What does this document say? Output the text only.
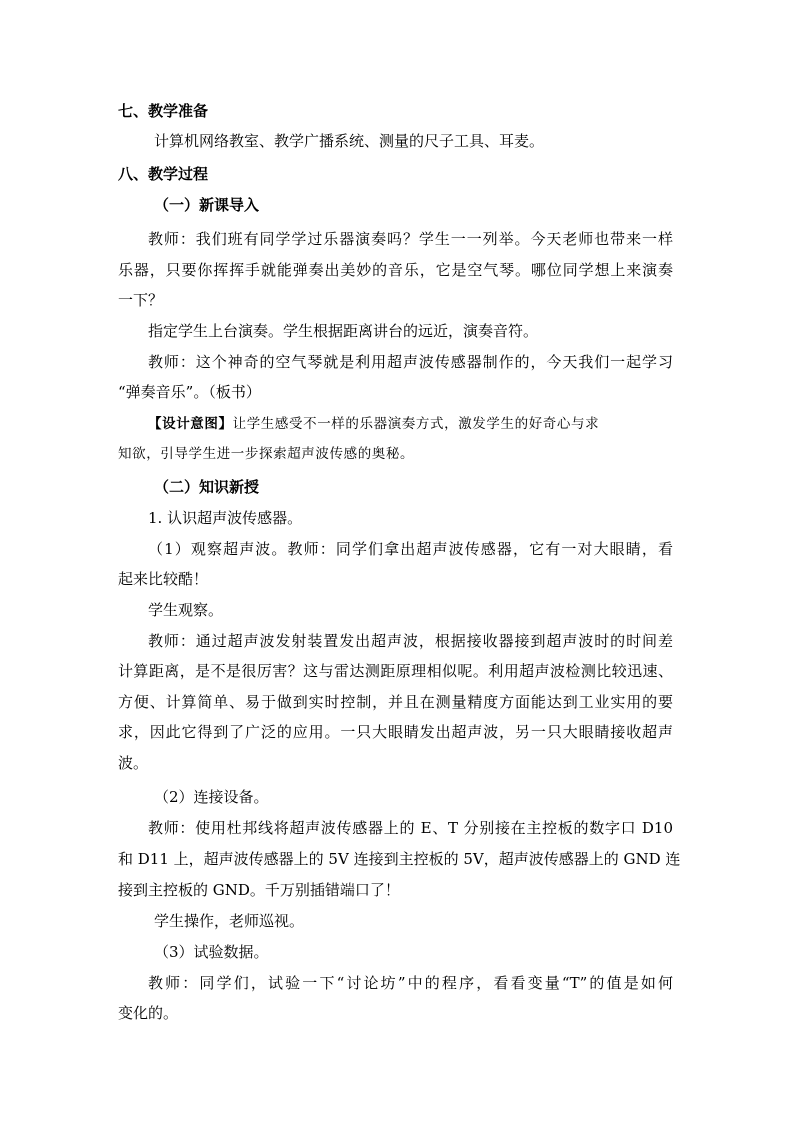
七、教学准备
计算机网络教室、教学广播系统、测量的尺子工具、耳麦。
八、教学过程
（一）新课导入
教师：我们班有同学学过乐器演奏吗？学生一一列举。今天老师也带来一样
乐器，只要你挥挥手就能弹奏出美妙的音乐，它是空气琴。哪位同学想上来演奏
一下？
指定学生上台演奏。学生根据距离讲台的远近，演奏音符。
教师：这个神奇的空气琴就是利用超声波传感器制作的，今天我们一起学习
“弹奏音乐”。（板书）
【设计意图】让学生感受不一样的乐器演奏方式，激发学生的好奇心与求
知欲，引导学生进一步探索超声波传感的奥秘。
（二）知识新授
1. 认识超声波传感器。
（1）观察超声波。教师：同学们拿出超声波传感器，它有一对大眼睛，看
起来比较酷！
学生观察。
教师：通过超声波发射装置发出超声波，根据接收器接到超声波时的时间差
计算距离，是不是很厉害？这与雷达测距原理相似呢。利用超声波检测比较迅速、
方便、计算简单、易于做到实时控制，并且在测量精度方面能达到工业实用的要
求，因此它得到了广泛的应用。一只大眼睛发出超声波，另一只大眼睛接收超声
波。
（2）连接设备。
教师：使用杜邦线将超声波传感器上的 E、T 分别接在主控板的数字口 D10
和 D11 上，超声波传感器上的 5V 连接到主控板的 5V，超声波传感器上的 GND 连
接到主控板的 GND。千万别插错端口了！
学生操作，老师巡视。
（3）试验数据。
教师：同学们，试验一下“讨论坊”中的程序，看看变量“T”的值是如何
变化的。
